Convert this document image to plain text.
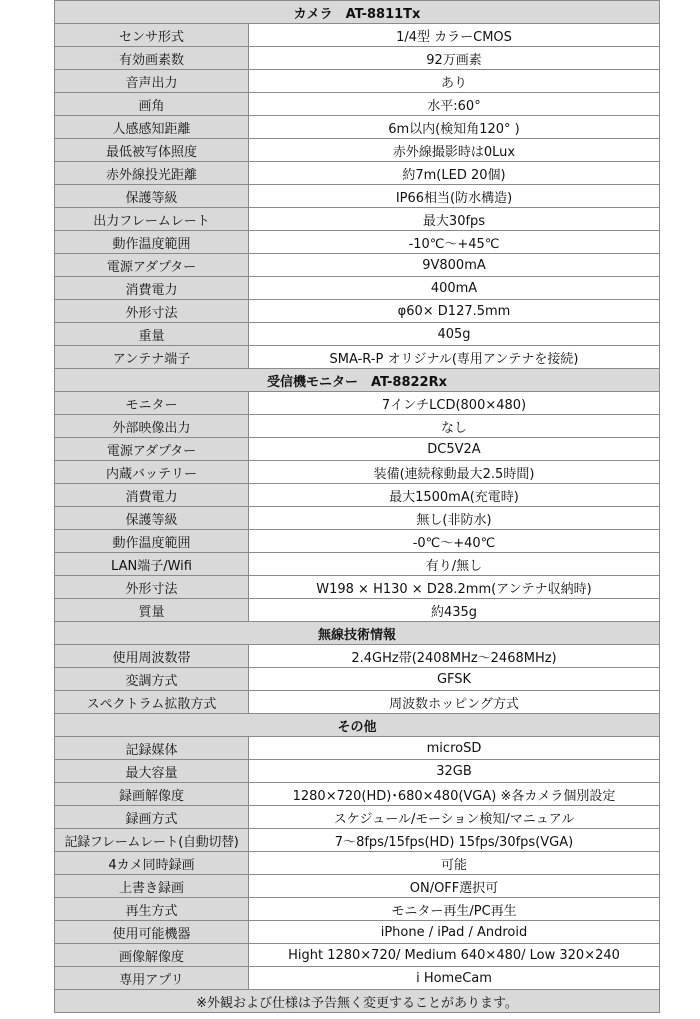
カメラ　AT-8811Tx	
センサ形式	1/4型 カラーCMOS
有効画素数	92万画素
音声出力	あり
画角	水平:60°
人感感知距離	6m以内(検知角120° )
最低被写体照度	赤外線撮影時は0Lux
赤外線投光距離	約7m(LED 20個)
保護等級	IP66相当(防水構造)
出力フレームレート	最大30fps
動作温度範囲	-10℃～+45℃
電源アダプター	9V800mA
消費電力	400mA
外形寸法	φ60× D127.5mm
重量	405g
アンテナ端子	SMA-R-P オリジナル(専用アンテナを接続)
受信機モニター　AT-8822Rx	
モニター	7インチLCD(800×480)
外部映像出力	なし
電源アダプター	DC5V2A
内蔵バッテリー	装備(連続稼動最大2.5時間)
消費電力	最大1500mA(充電時)
保護等級	無し(非防水)
動作温度範囲	-0℃～+40℃
LAN端子/Wifi	有り/無し
外形寸法	W198 × H130 × D28.2mm(アンテナ収納時)
質量	約435g
無線技術情報	
使用周波数帯	2.4GHz帯(2408MHz～2468MHz)
変調方式	GFSK
スペクトラム拡散方式	周波数ホッピング方式
その他	
記録媒体	microSD
最大容量	32GB
録画解像度	1280×720(HD)･680×480(VGA) ※各カメラ個別設定
録画方式	スケジュール/モーション検知/マニュアル
記録フレームレート(自動切替)	7～8fps/15fps(HD) 15fps/30fps(VGA)
4カメ同時録画	可能
上書き録画	ON/OFF選択可
再生方式	モニター再生/PC再生
使用可能機器	iPhone / iPad / Android
画像解像度	Hight 1280×720/ Medium 640×480/ Low 320×240
専用アプリ	i HomeCam
※外観および仕様は予告無く変更することがあります。	
